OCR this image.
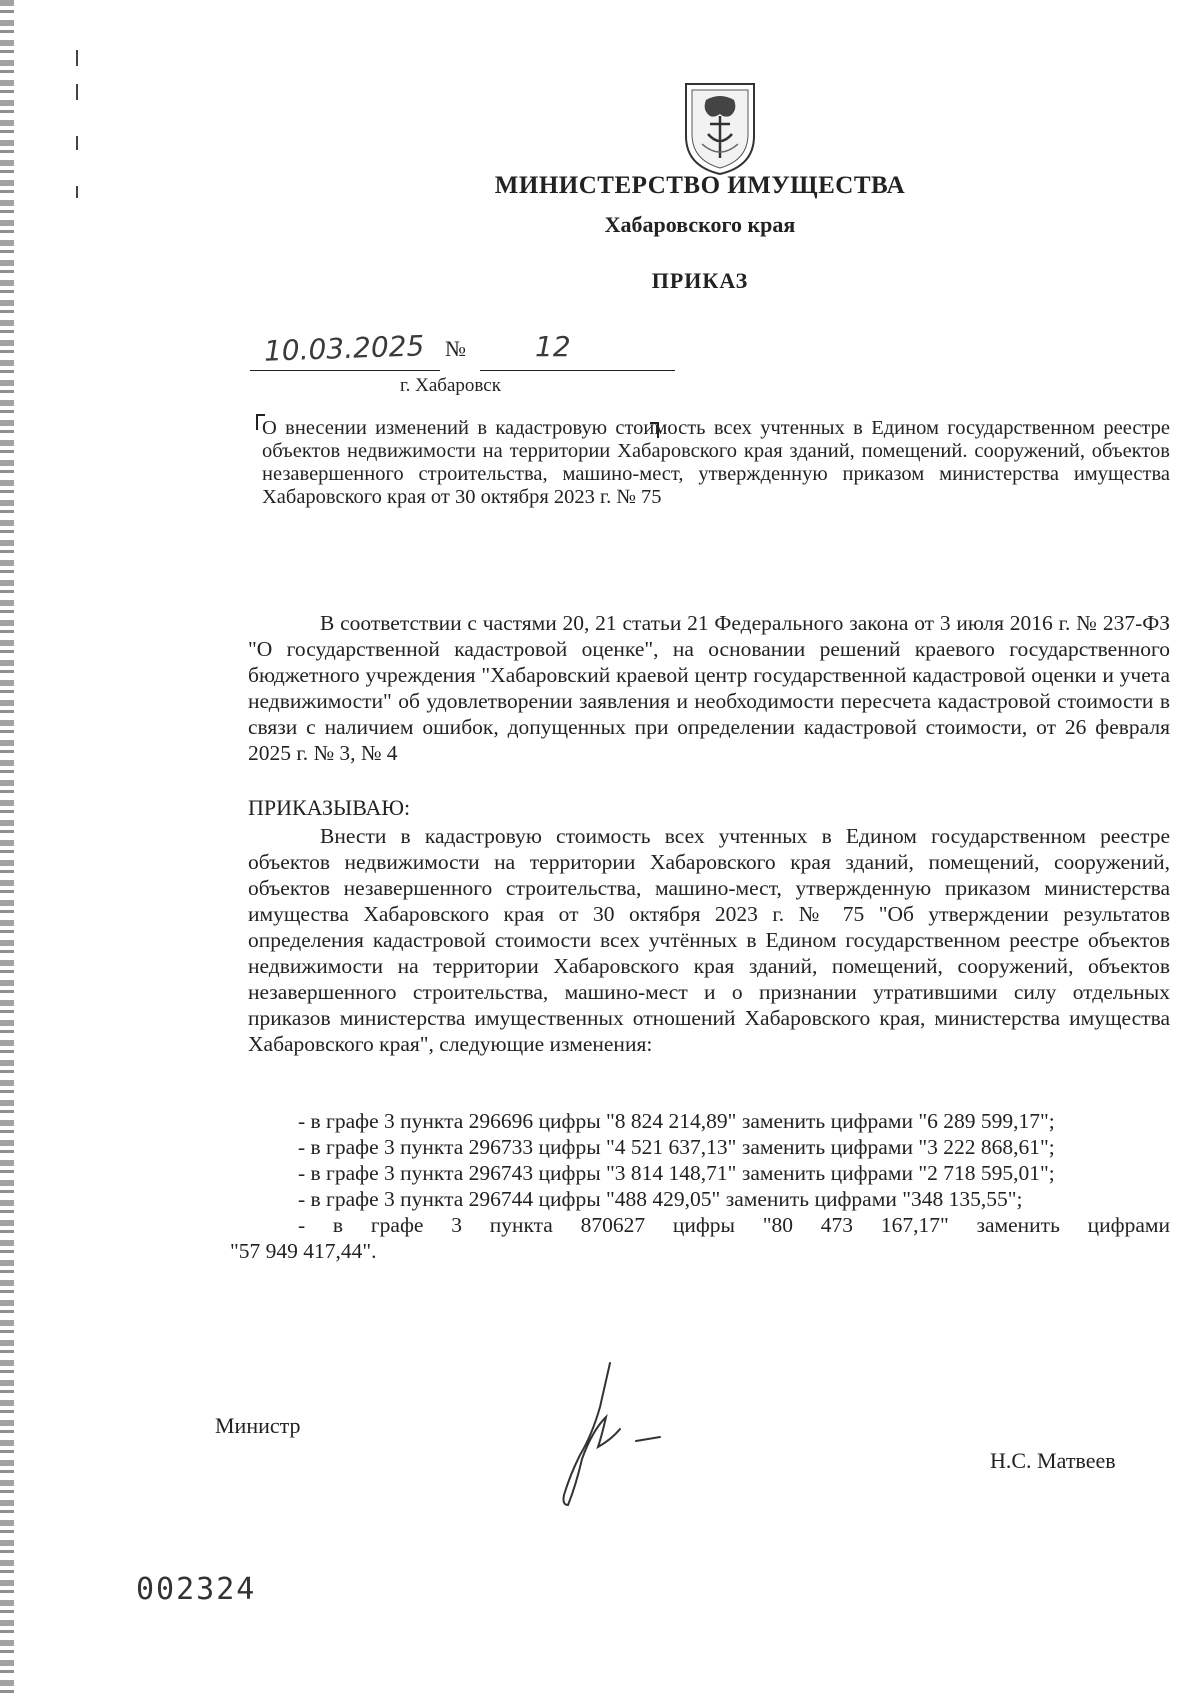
МИНИСТЕРСТВО ИМУЩЕСТВА
Хабаровского края
ПРИКАЗ
10.03.2025 № 12
г. Хабаровск
О внесении изменений в кадастровую стоимость всех учтенных в Едином государственном реестре объектов недвижимости на территории Хабаровского края зданий, помещений. сооружений, объектов незавершенного строительства, машино-мест, утвержденную приказом министерства имущества Хабаровского края от 30 октября 2023 г. № 75
В соответствии с частями 20, 21 статьи 21 Федерального закона от 3 июля 2016 г. № 237-ФЗ "О государственной кадастровой оценке", на основании решений краевого государственного бюджетного учреждения "Хабаровский краевой центр государственной кадастровой оценки и учета недвижимости" об удовлетворении заявления и необходимости пересчета кадастровой стоимости в связи с наличием ошибок, допущенных при определении кадастровой стоимости, от 26 февраля 2025 г. № 3, № 4
ПРИКАЗЫВАЮ:
Внести в кадастровую стоимость всех учтенных в Едином государственном реестре объектов недвижимости на территории Хабаровского края зданий, помещений, сооружений, объектов незавершенного строительства, машино-мест, утвержденную приказом министерства имущества Хабаровского края от 30 октября 2023 г. № 75 "Об утверждении результатов определения кадастровой стоимости всех учтённых в Едином государственном реестре объектов недвижимости на территории Хабаровского края зданий, помещений, сооружений, объектов незавершенного строительства, машино-мест и о признании утратившими силу отдельных приказов министерства имущественных отношений Хабаровского края, министерства имущества Хабаровского края", следующие изменения:
- в графе 3 пункта 296696 цифры "8 824 214,89" заменить цифрами "6 289 599,17";
- в графе 3 пункта 296733 цифры "4 521 637,13" заменить цифрами "3 222 868,61";
- в графе 3 пункта 296743 цифры "3 814 148,71" заменить цифрами "2 718 595,01";
- в графе 3 пункта 296744 цифры "488 429,05" заменить цифрами "348 135,55";
- в графе 3 пункта 870627 цифры "80 473 167,17" заменить цифрами
"57 949 417,44".
Министр
Н.С. Матвеев
002324
